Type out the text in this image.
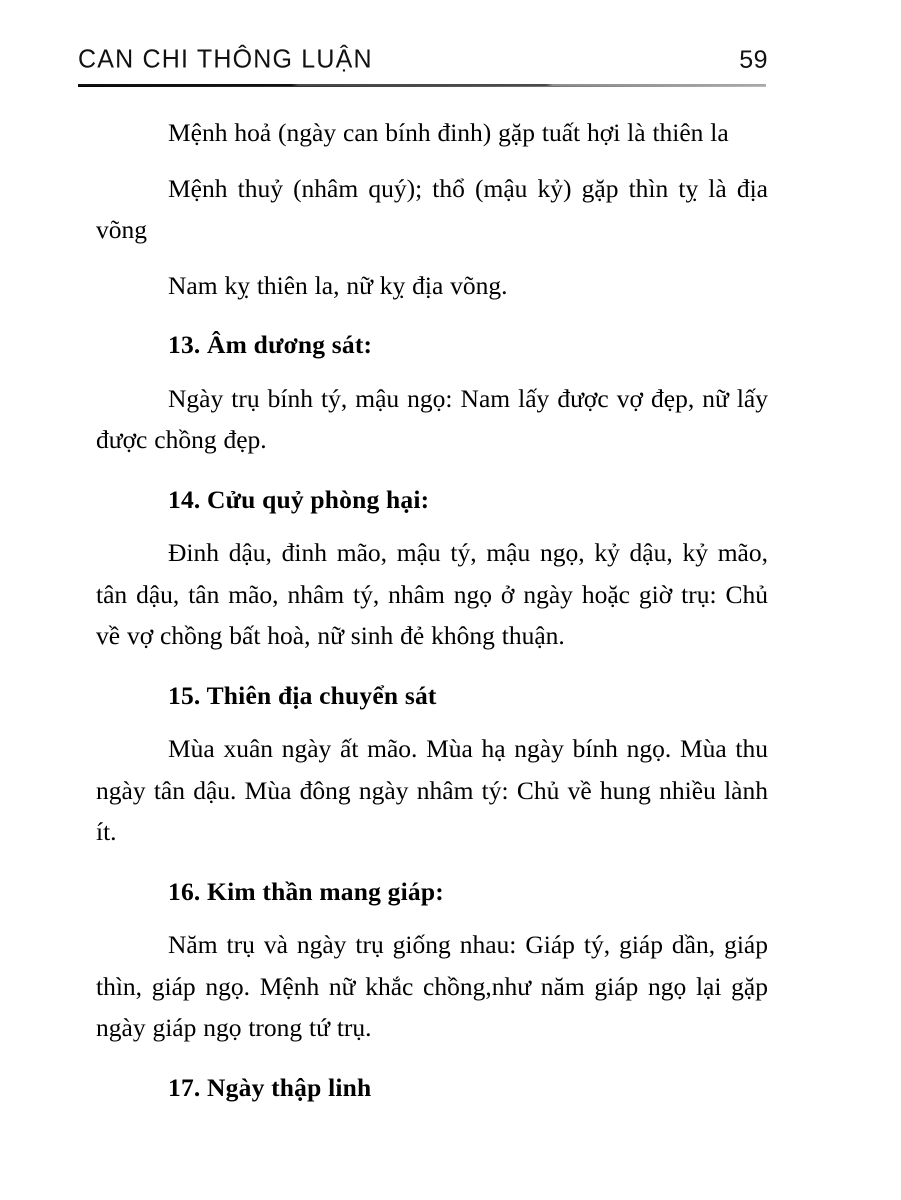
CAN CHI THÔNG LUẬN	59

Mệnh hoả (ngày can bính đinh) gặp tuất hợi là thiên la

Mệnh thuỷ (nhâm quý); thổ (mậu kỷ) gặp thìn tỵ là địa võng

Nam kỵ thiên la, nữ kỵ địa võng.

13. Âm dương sát:

Ngày trụ bính tý, mậu ngọ: Nam lấy được vợ đẹp, nữ lấy được chồng đẹp.

14. Cửu quỷ phòng hại:

Đinh dậu, đinh mão, mậu tý, mậu ngọ, kỷ dậu, kỷ mão, tân dậu, tân mão, nhâm tý, nhâm ngọ ở ngày hoặc giờ trụ: Chủ về vợ chồng bất hoà, nữ sinh đẻ không thuận.

15. Thiên địa chuyển sát

Mùa xuân ngày ất mão. Mùa hạ ngày bính ngọ. Mùa thu ngày tân dậu. Mùa đông ngày nhâm tý: Chủ về hung nhiều lành ít.

16. Kim thần mang giáp:

Năm trụ và ngày trụ giống nhau: Giáp tý, giáp dần, giáp thìn, giáp ngọ. Mệnh nữ khắc chồng,như năm giáp ngọ lại gặp ngày giáp ngọ trong tứ trụ.

17. Ngày thập linh
